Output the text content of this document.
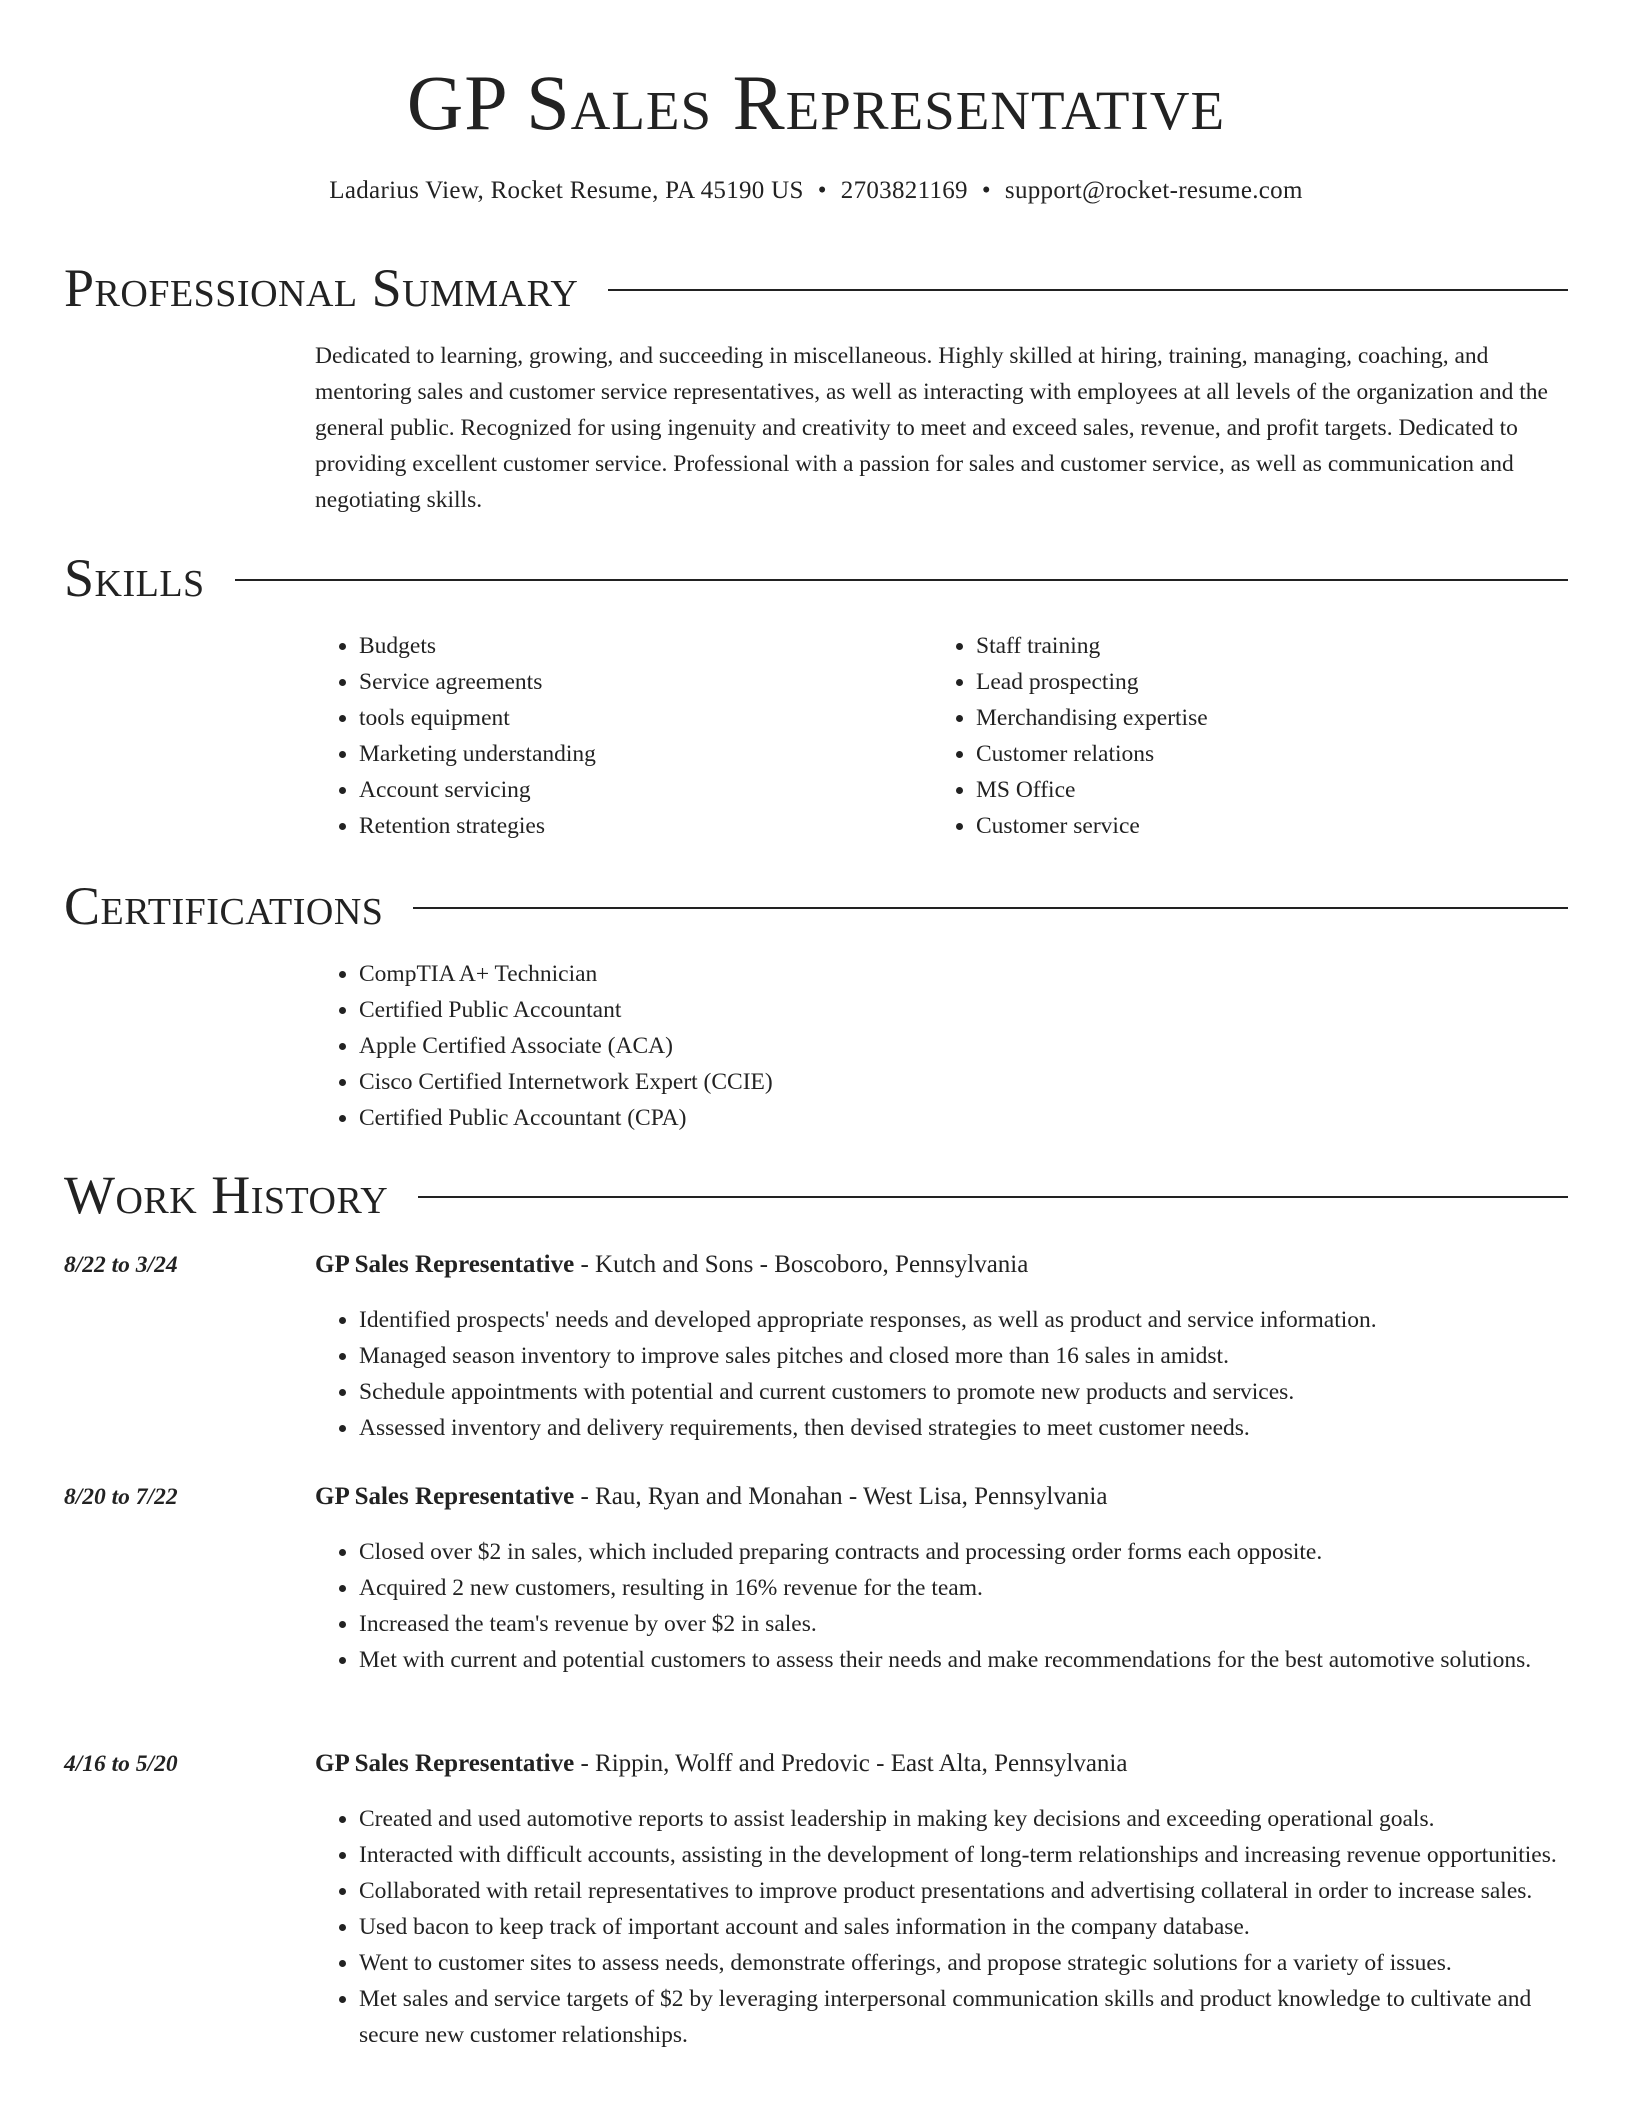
GP Sales Representative
Ladarius View, Rocket Resume, PA 45190 US • 2703821169 • support@rocket-resume.com
Professional Summary

Dedicated to learning, growing, and succeeding in miscellaneous. Highly skilled at hiring, training, managing, coaching, and mentoring sales and customer service representatives, as well as interacting with employees at all levels of the organization and the general public. Recognized for using ingenuity and creativity to meet and exceed sales, revenue, and profit targets. Dedicated to providing excellent customer service. Professional with a passion for sales and customer service, as well as communication and negotiating skills.

Skills
• Budgets
• Service agreements
• tools equipment
• Marketing understanding
• Account servicing
• Retention strategies
• Staff training
• Lead prospecting
• Merchandising expertise
• Customer relations
• MS Office
• Customer service
Certifications
• CompTIA A+ Technician
• Certified Public Accountant
• Apple Certified Associate (ACA)
• Cisco Certified Internetwork Expert (CCIE)
• Certified Public Accountant (CPA)
Work History
8/22 to 3/24	GP Sales Representative - Kutch and Sons - Boscoboro, Pennsylvania
• Identified prospects' needs and developed appropriate responses, as well as product and service information.
• Managed season inventory to improve sales pitches and closed more than 16 sales in amidst.
• Schedule appointments with potential and current customers to promote new products and services.
• Assessed inventory and delivery requirements, then devised strategies to meet customer needs.
8/20 to 7/22	GP Sales Representative - Rau, Ryan and Monahan - West Lisa, Pennsylvania
• Closed over $2 in sales, which included preparing contracts and processing order forms each opposite.
• Acquired 2 new customers, resulting in 16% revenue for the team.
• Increased the team's revenue by over $2 in sales.
• Met with current and potential customers to assess their needs and make recommendations for the best automotive solutions.
4/16 to 5/20	GP Sales Representative - Rippin, Wolff and Predovic - East Alta, Pennsylvania
• Created and used automotive reports to assist leadership in making key decisions and exceeding operational goals.
• Interacted with difficult accounts, assisting in the development of long-term relationships and increasing revenue opportunities.
• Collaborated with retail representatives to improve product presentations and advertising collateral in order to increase sales.
• Used bacon to keep track of important account and sales information in the company database.
• Went to customer sites to assess needs, demonstrate offerings, and propose strategic solutions for a variety of issues.
• Met sales and service targets of $2 by leveraging interpersonal communication skills and product knowledge to cultivate and secure new customer relationships.
